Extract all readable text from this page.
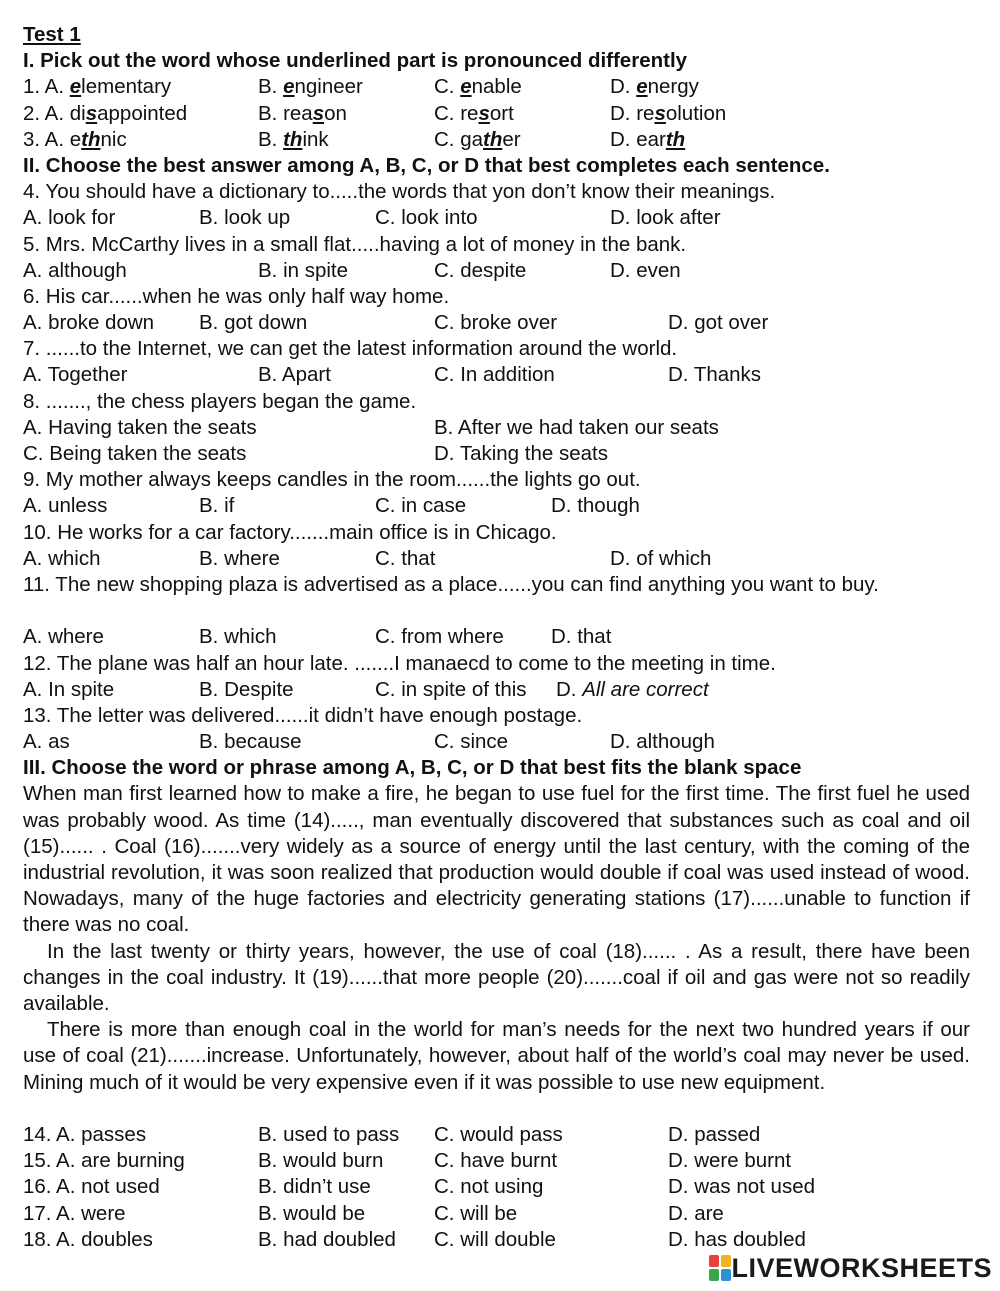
Test 1
I. Pick out the word whose underlined part is pronounced differently
1. A. elementary	B. engineer	C. enable	D. energy
2. A. disappointed	B. reason	C. resort	D. resolution
3. A. ethnic	B. think	C. gather	D. earth
II. Choose the best answer among A, B, C, or D that best completes each sentence.
4. You should have a dictionary to.....the words that yon don’t know their meanings.
A. look for	B. look up	C. look into	D. look after
5. Mrs. McCarthy lives in a small flat.....having a lot of money in the bank.
A. although	B. in spite	C. despite	D. even
6. His car......when he was only half way home.
A. broke down B. got down	C. broke over	D. got over
7. ......to the Internet, we can get the latest information around the world.
A. Together	B. Apart	C. In addition	D. Thanks
8. ......., the chess players began the game.
A. Having taken the seats	B. After we had taken our seats
C. Being taken the seats	D. Taking the seats
9. My mother always keeps candles in the room......the lights go out.
A. unless	B. if	C. in case	D. though
10. He works for a car factory.......main office is in Chicago.
A. which	B. where	C. that	D. of which
11. The new shopping plaza is advertised as a place......you can find anything you want to buy.
A. where	B. which	C. from where D. that
12. The plane was half an hour late. .......I manaecd to come to the meeting in time.
A. In spite	B. Despite	C. in spite of this D. All are correct
13. The letter was delivered......it didn’t have enough postage.
A. as	B. because	C. since	D. although
III. Choose the word or phrase among A, B, C, or D that best fits the blank space
When man first learned how to make a fire, he began to use fuel for the first time. The first fuel he used was probably wood. As time (14)....., man eventually discovered that substances such as coal and oil (15)...... . Coal (16).......very widely as a source of energy until the last century, with the coming of the industrial revolution, it was soon realized that production would double if coal was used instead of wood. Nowadays, many of the huge factories and electricity generating stations (17)......unable to function if there was no coal.
In the last twenty or thirty years, however, the use of coal (18)...... . As a result, there have been changes in the coal industry. It (19)......that more people (20).......coal if oil and gas were not so readily available.
There is more than enough coal in the world for man’s needs for the next two hundred years if our use of coal (21).......increase. Unfortunately, however, about half of the world’s coal may never be used. Mining much of it would be very expensive even if it was possible to use new equipment.
14. A. passes	B. used to pass C. would pass	D. passed
15. A. are burning	B. would burn C. have burnt	D. were burnt
16. A. not used	B. didn’t use	C. not using	D. was not used
17. A. were	B. would be	C. will be	D. are
18. A. doubles	B. had doubled C. will double	D. has doubled
LIVEWORKSHEETS
